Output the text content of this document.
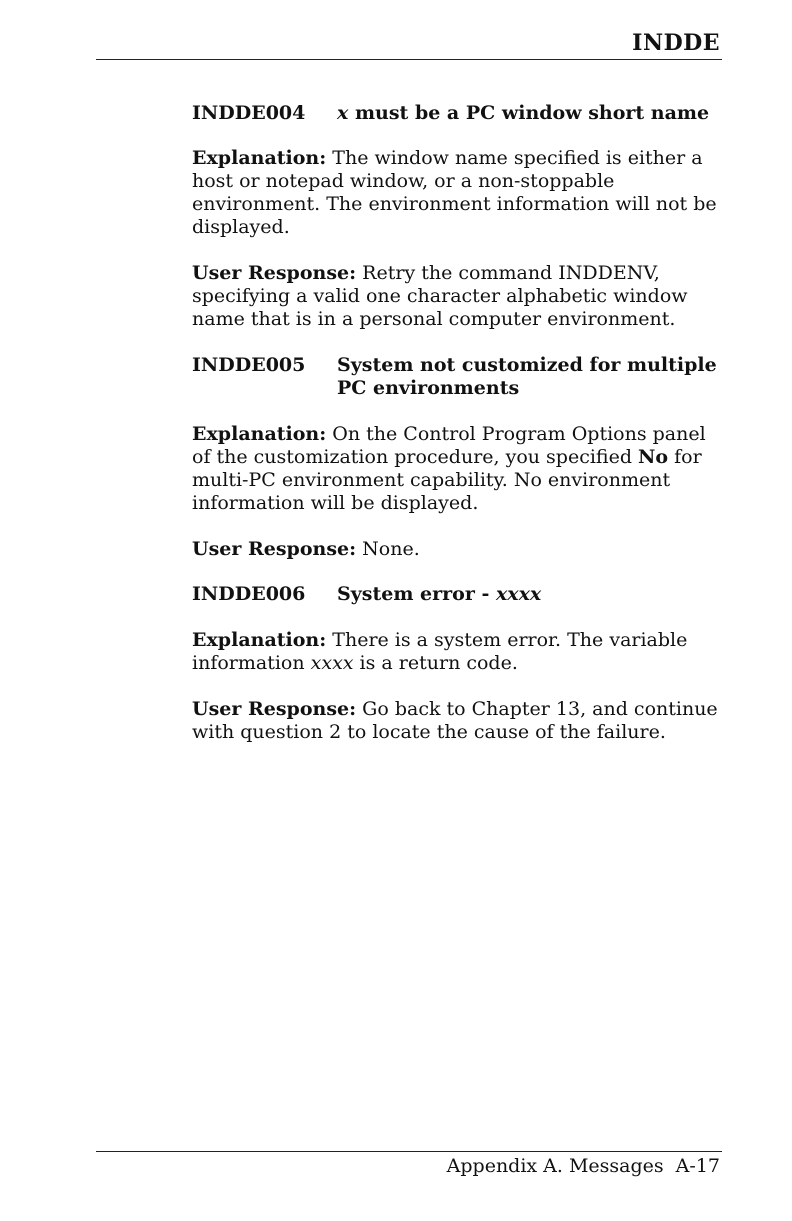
INDDE
INDDE004	x must be a PC window short name

Explanation: The window name specified is either a host or notepad window, or a non-stoppable environment. The environment information will not be displayed.

User Response: Retry the command INDDENV, specifying a valid one character alphabetic window name that is in a personal computer environment.

INDDE005	System not customized for multiple PC environments

Explanation: On the Control Program Options panel of the customization procedure, you specified No for multi-PC environment capability. No environment information will be displayed.

User Response: None.

INDDE006	System error - xxxx

Explanation: There is a system error. The variable information xxxx is a return code.

User Response: Go back to Chapter 13, and continue with question 2 to locate the cause of the failure.

Appendix A. Messages A-17
